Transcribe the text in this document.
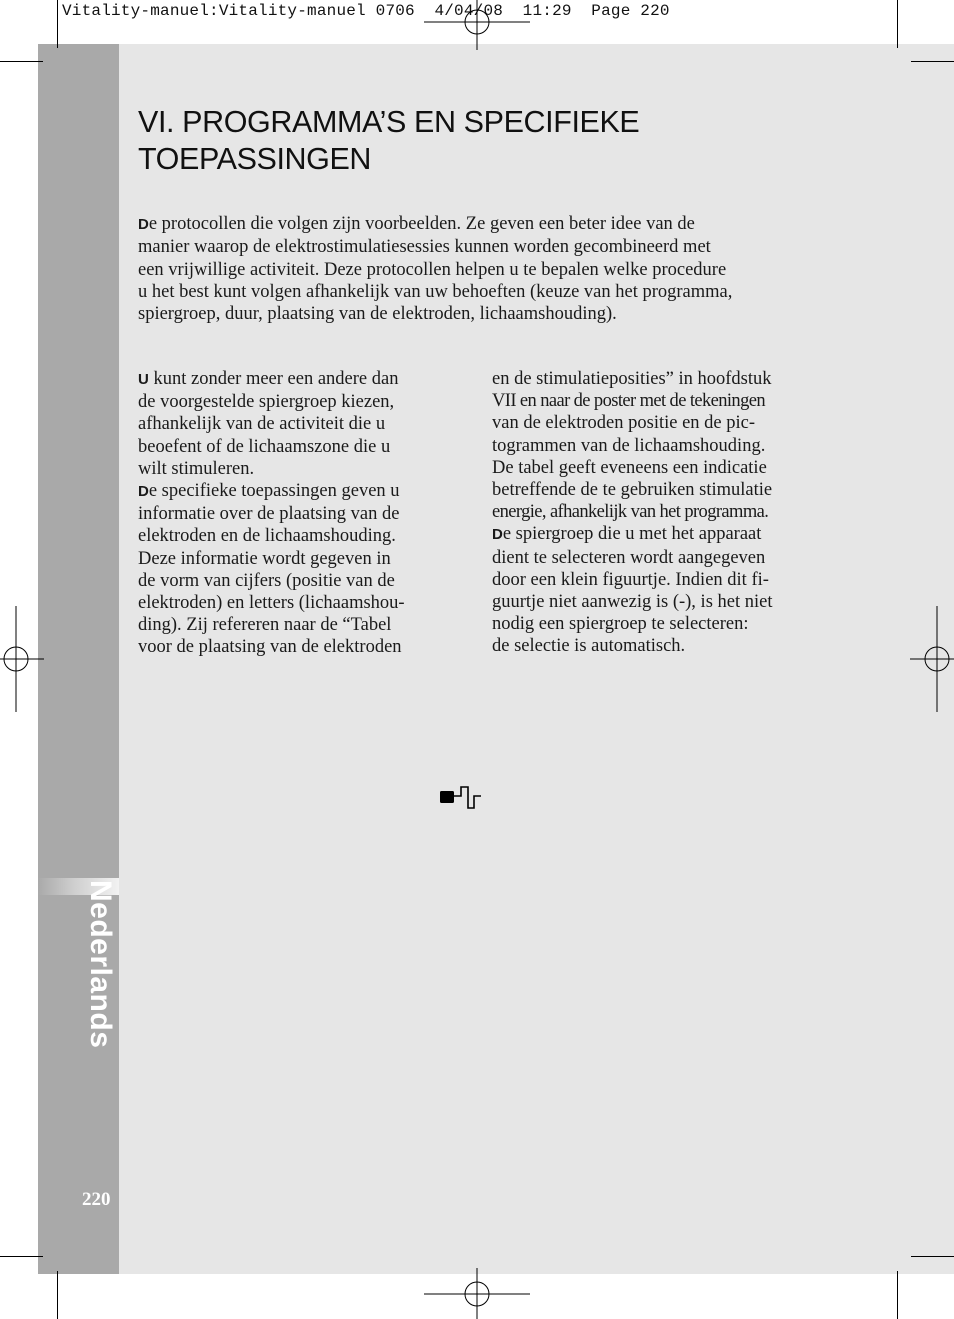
Vitality-manuel:Vitality-manuel 0706  4/04/08  11:29  Page 220
Nederlands
220
VI. PROGRAMMA’S EN SPECIFIEKE
TOEPASSINGEN

De protocollen die volgen zijn voorbeelden. Ze geven een beter idee van de
manier waarop de elektrostimulatiesessies kunnen worden gecombineerd met
een vrijwillige activiteit. Deze protocollen helpen u te bepalen welke procedure
u het best kunt volgen afhankelijk van uw behoeften (keuze van het programma,
spiergroep, duur, plaatsing van de elektroden, lichaamshouding).

U kunt zonder meer een andere dan
de voorgestelde spiergroep kiezen,
afhankelijk van de activiteit die u
beoefent of de lichaamszone die u
wilt stimuleren.

De specifieke toepassingen geven u
informatie over de plaatsing van de
elektroden en de lichaamshouding.
Deze informatie wordt gegeven in
de vorm van cijfers (positie van de
elektroden) en letters (lichaamshou-
ding). Zij refereren naar de “Tabel
voor de plaatsing van de elektroden

en de stimulatieposities” in hoofdstuk
VII en naar de poster met de tekeningen
van de elektroden positie en de pic-
togrammen van de lichaamshouding.
De tabel geeft eveneens een indicatie
betreffende de te gebruiken stimulatie
energie, afhankelijk van het programma.

De spiergroep die u met het apparaat
dient te selecteren wordt aangegeven
door een klein figuurtje. Indien dit fi-
guurtje niet aanwezig is (-), is het niet
nodig een spiergroep te selecteren:
de selectie is automatisch.
